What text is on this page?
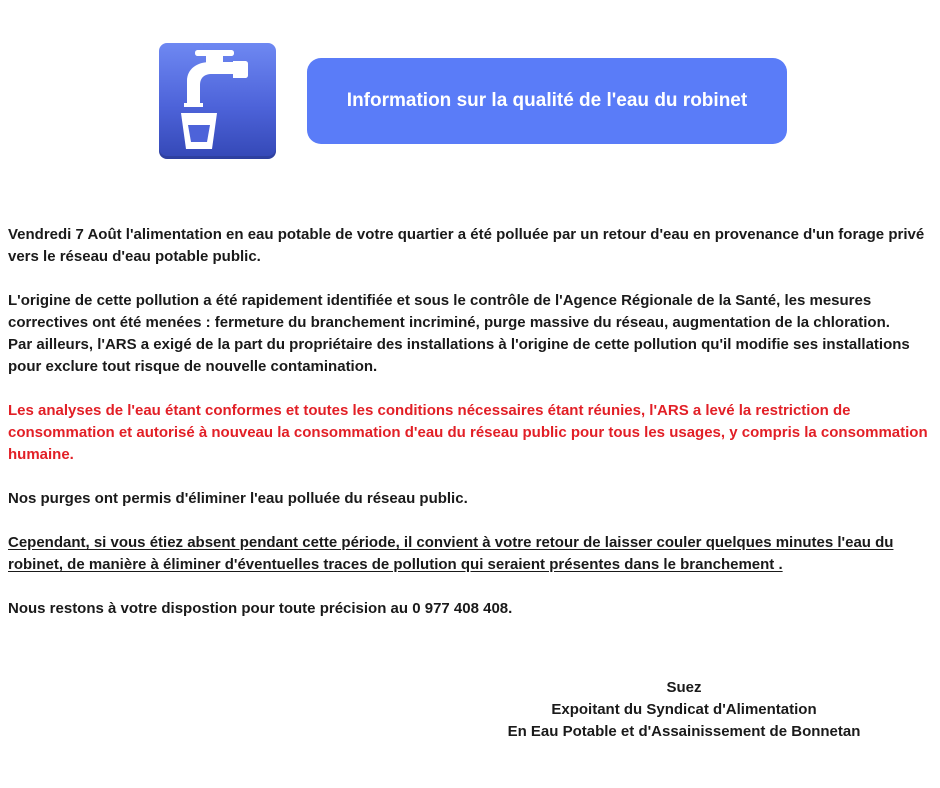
Information sur la qualité de l'eau du robinet

Vendredi 7 Août l'alimentation en eau potable de votre quartier a été polluée par un retour d'eau en provenance d'un forage privé vers le réseau d'eau potable public.

L'origine de cette pollution a été rapidement identifiée et sous le contrôle de l'Agence Régionale de la Santé, les mesures correctives ont été menées : fermeture du branchement incriminé, purge massive du réseau, augmentation de la chloration.

Par ailleurs, l'ARS a exigé de la part du propriétaire des installations à l'origine de cette pollution qu'il modifie ses installations pour exclure tout risque de nouvelle contamination.

Les analyses de l'eau étant conformes et toutes les conditions nécessaires étant réunies, l'ARS a levé la restriction de consommation et autorisé à nouveau la consommation d'eau du réseau public pour tous les usages, y compris la consommation humaine.

Nos purges ont permis d'éliminer l'eau polluée du réseau public.

Cependant, si vous étiez absent pendant cette période, il convient à votre retour de laisser couler quelques minutes l'eau du robinet, de manière à éliminer d'éventuelles traces de pollution qui seraient présentes dans le branchement .

Nous restons à votre dispostion pour toute précision au 0 977 408 408.

Suez

Expoitant du Syndicat d'Alimentation

En Eau Potable et d'Assainissement de Bonnetan
